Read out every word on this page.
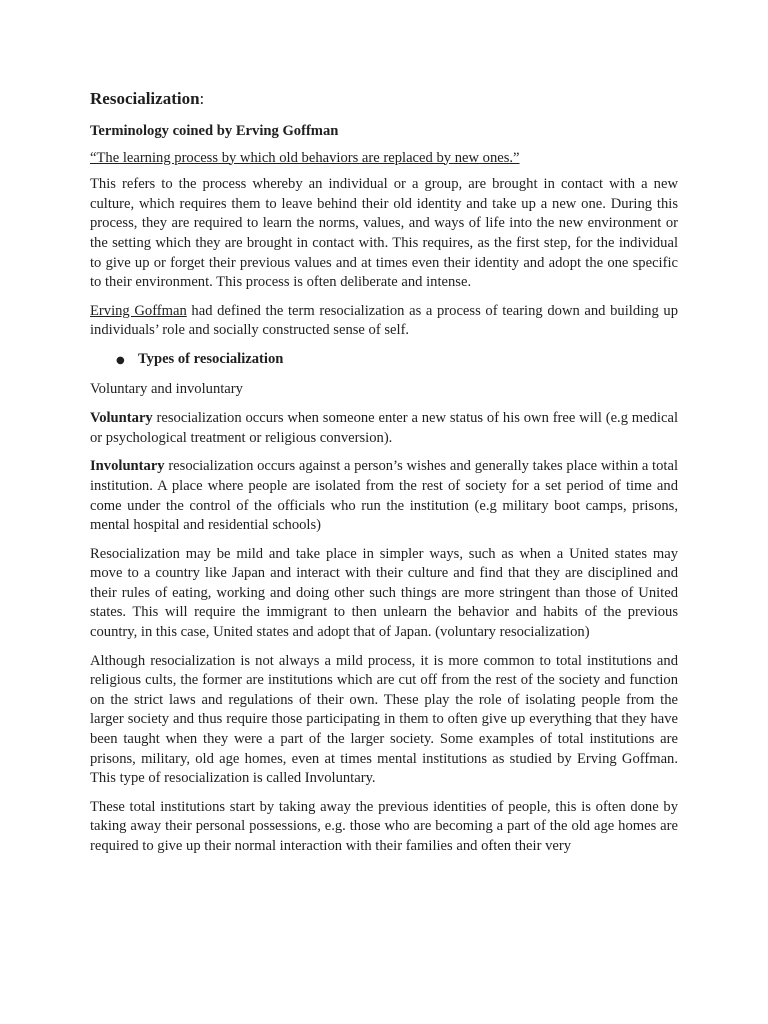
Resocialization:
Terminology coined by Erving Goffman
“The learning process by which old behaviors are replaced by new ones.”

This refers to the process whereby an individual or a group, are brought in contact with a new culture, which requires them to leave behind their old identity and take up a new one. During this process, they are required to learn the norms, values, and ways of life into the new environment or the setting which they are brought in contact with. This requires, as the first step, for the individual to give up or forget their previous values and at times even their identity and adopt the one specific to their environment. This process is often deliberate and intense.

Erving Goffman had defined the term resocialization as a process of tearing down and building up individuals’ role and socially constructed sense of self.

● Types of resocialization

Voluntary and involuntary

Voluntary resocialization occurs when someone enter a new status of his own free will (e.g medical or psychological treatment or religious conversion).

Involuntary resocialization occurs against a person’s wishes and generally takes place within a total institution. A place where people are isolated from the rest of society for a set period of time and come under the control of the officials who run the institution (e.g military boot camps, prisons, mental hospital and residential schools)

Resocialization may be mild and take place in simpler ways, such as when a United states may move to a country like Japan and interact with their culture and find that they are disciplined and their rules of eating, working and doing other such things are more stringent than those of United states. This will require the immigrant to then unlearn the behavior and habits of the previous country, in this case, United states and adopt that of Japan. (voluntary resocialization)

Although resocialization is not always a mild process, it is more common to total institutions and religious cults, the former are institutions which are cut off from the rest of the society and function on the strict laws and regulations of their own. These play the role of isolating people from the larger society and thus require those participating in them to often give up everything that they have been taught when they were a part of the larger society. Some examples of total institutions are prisons, military, old age homes, even at times mental institutions as studied by Erving Goffman. This type of resocialization is called Involuntary.

These total institutions start by taking away the previous identities of people, this is often done by taking away their personal possessions, e.g. those who are becoming a part of the old age homes are required to give up their normal interaction with their families and often their very
